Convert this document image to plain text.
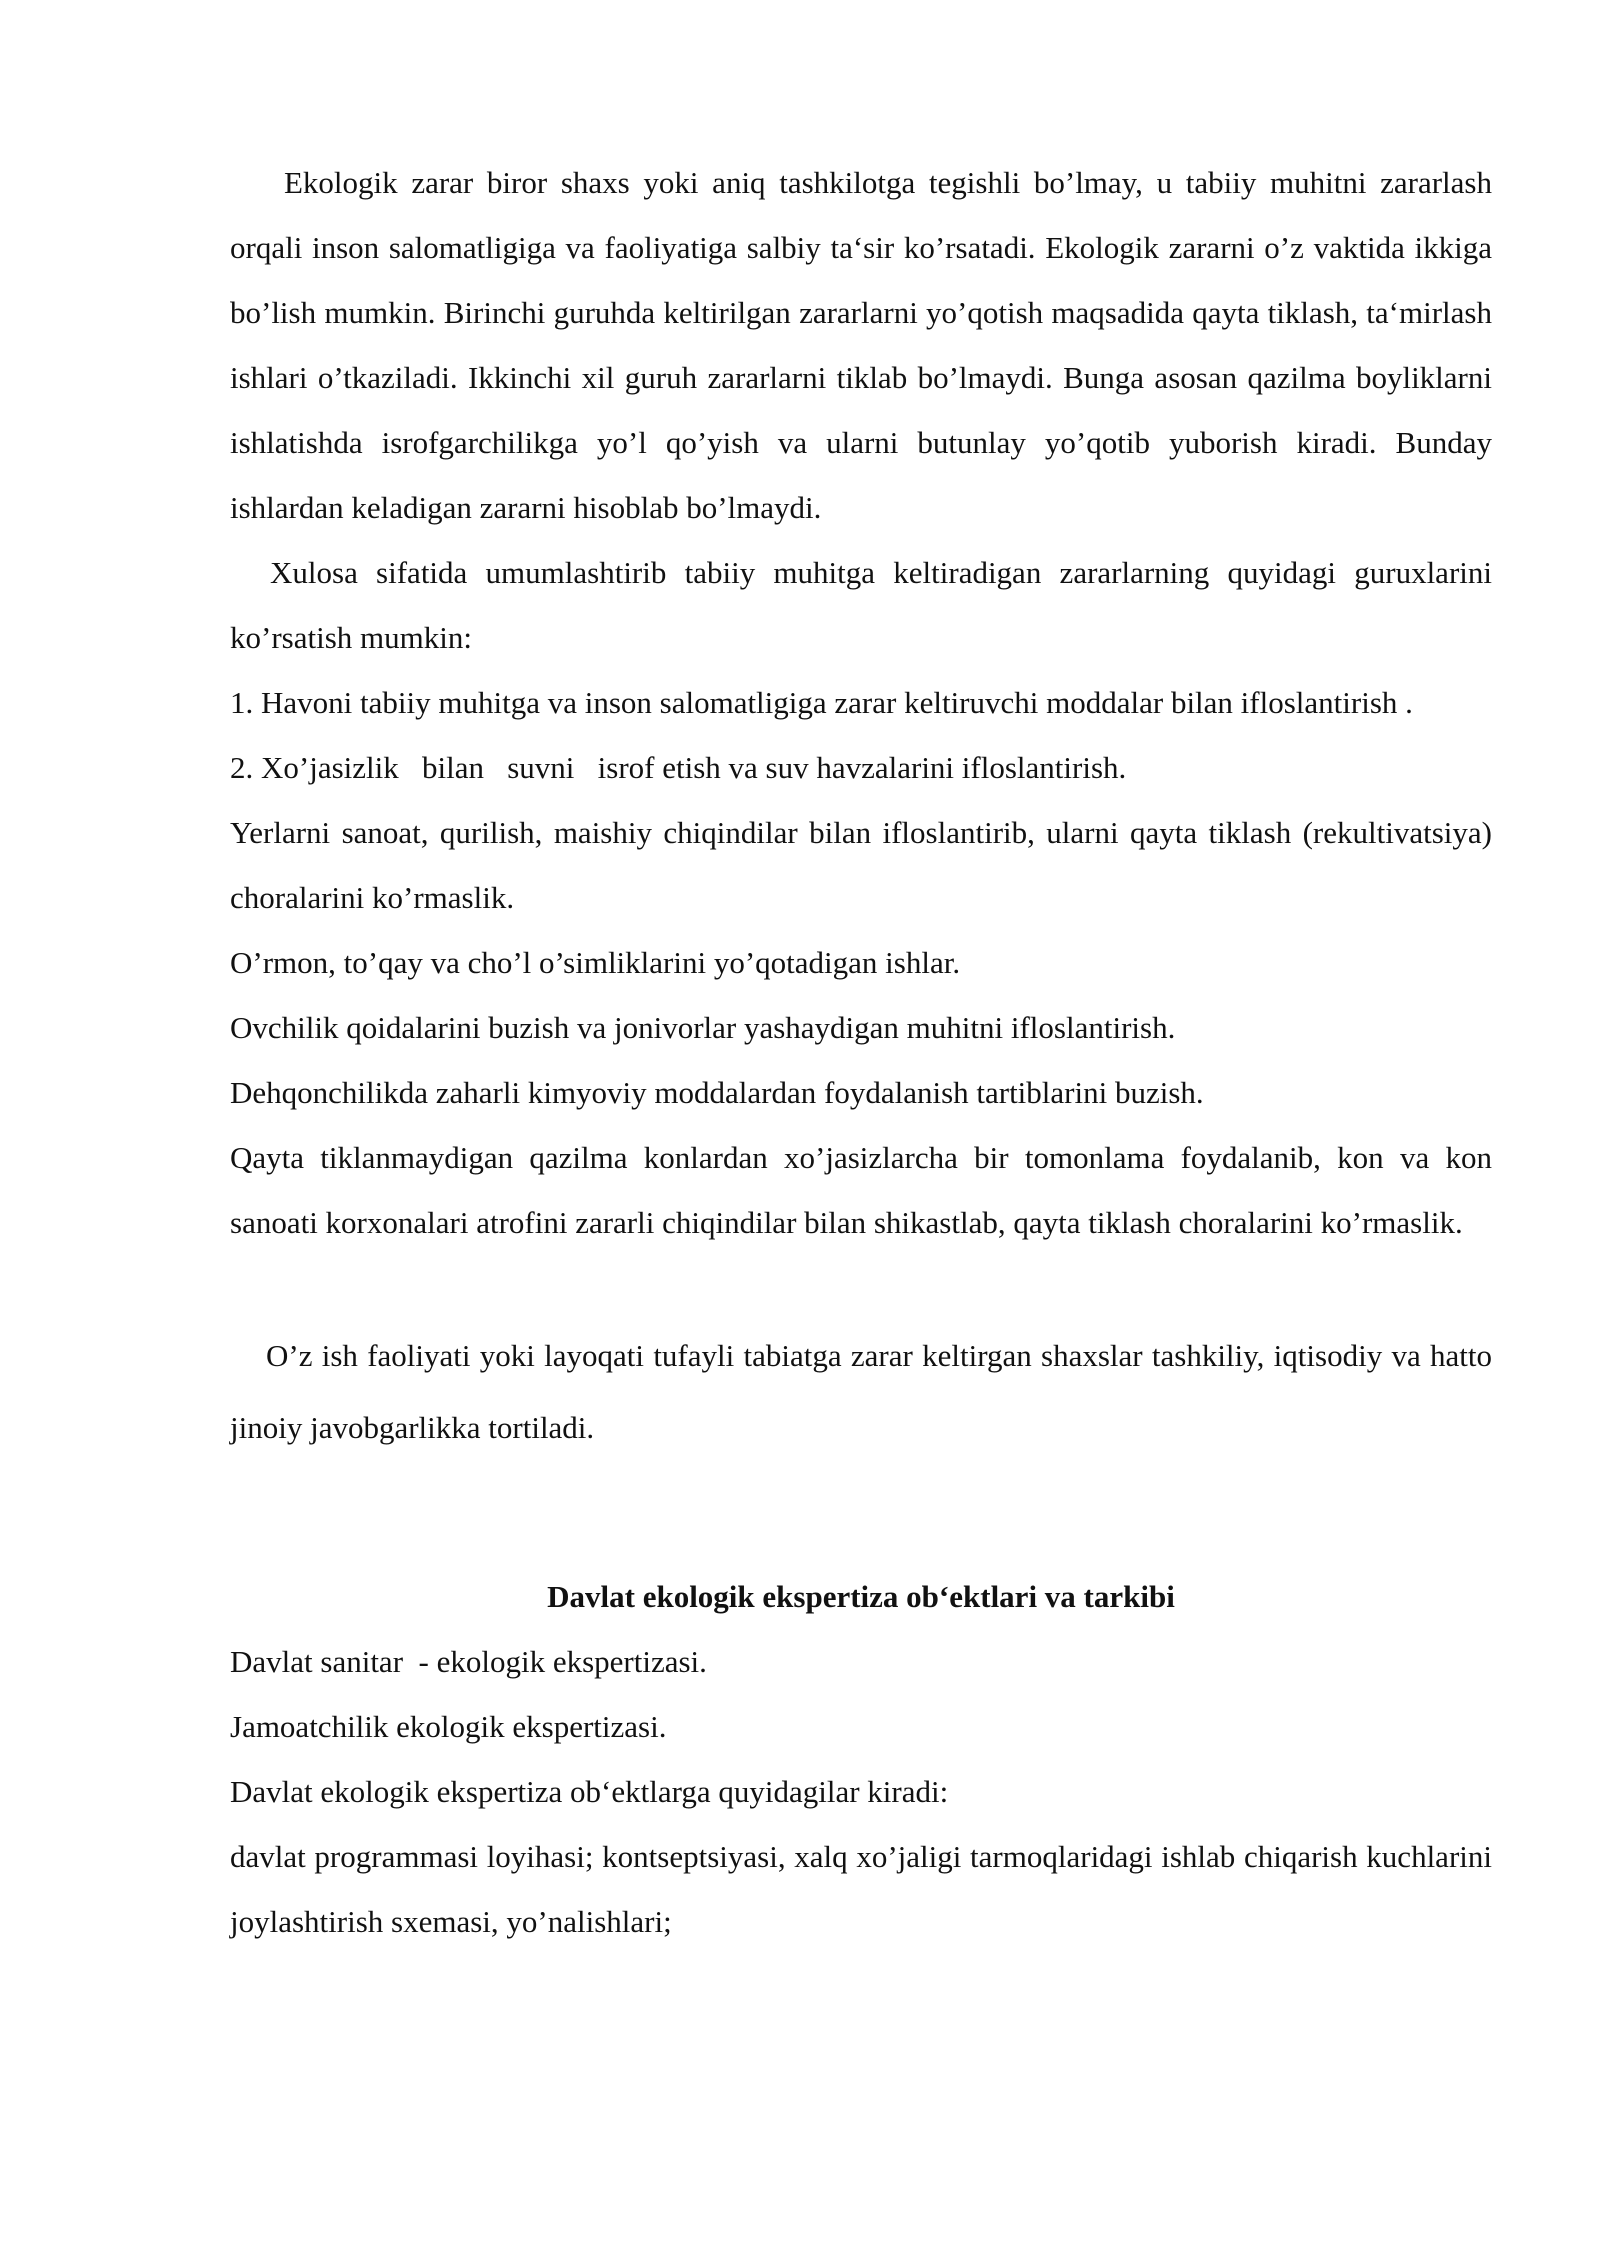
Ekologik zarar biror shaxs yoki aniq tashkilotga tegishli bo’lmay, u tabiiy muhitni zararlash orqali inson salomatligiga va faoliyatiga salbiy ta‘sir ko’rsatadi. Ekologik zararni o’z vaktida ikkiga bo’lish mumkin. Birinchi guruhda keltirilgan zararlarni yo’qotish maqsadida qayta tiklash, ta‘mirlash ishlari o’tkaziladi. Ikkinchi xil guruh zararlarni tiklab bo’lmaydi. Bunga asosan qazilma boyliklarni ishlatishda isrofgarchilikga yo’l qo’yish va ularni butunlay yo’qotib yuborish kiradi. Bunday ishlardan keladigan zararni hisoblab bo’lmaydi.

Xulosa sifatida umumlashtirib tabiiy muhitga keltiradigan zararlarning quyidagi guruxlarini ko’rsatish mumkin:

1. Havoni tabiiy muhitga va inson salomatligiga zarar keltiruvchi moddalar bilan ifloslantirish .

2. Xo’jasizlik   bilan   suvni   isrof etish va suv havzalarini ifloslantirish.

Yerlarni sanoat, qurilish, maishiy chiqindilar bilan ifloslantirib, ularni qayta tiklash (rekultivatsiya) choralarini ko’rmaslik.

O’rmon, to’qay va cho’l o’simliklarini yo’qotadigan ishlar.

Ovchilik qoidalarini buzish va jonivorlar yashaydigan muhitni ifloslantirish.

Dehqonchilikda zaharli kimyoviy moddalardan foydalanish tartiblarini buzish.

Qayta tiklanmaydigan qazilma konlardan xo’jasizlarcha bir tomonlama foydalanib, kon va kon sanoati korxonalari atrofini zararli chiqindilar bilan shikastlab, qayta tiklash choralarini ko’rmaslik.

O’z ish faoliyati yoki layoqati tufayli tabiatga zarar keltirgan shaxslar tashkiliy, iqtisodiy va hatto jinoiy javobgarlikka tortiladi.

Davlat ekologik ekspertiza ob‘ektlari va tarkibi

Davlat sanitar  - ekologik ekspertizasi.

Jamoatchilik ekologik ekspertizasi.

Davlat ekologik ekspertiza ob‘ektlarga quyidagilar kiradi:

davlat programmasi loyihasi; kontseptsiyasi, xalq xo’jaligi tarmoqlaridagi ishlab chiqarish kuchlarini joylashtirish sxemasi, yo’nalishlari;
